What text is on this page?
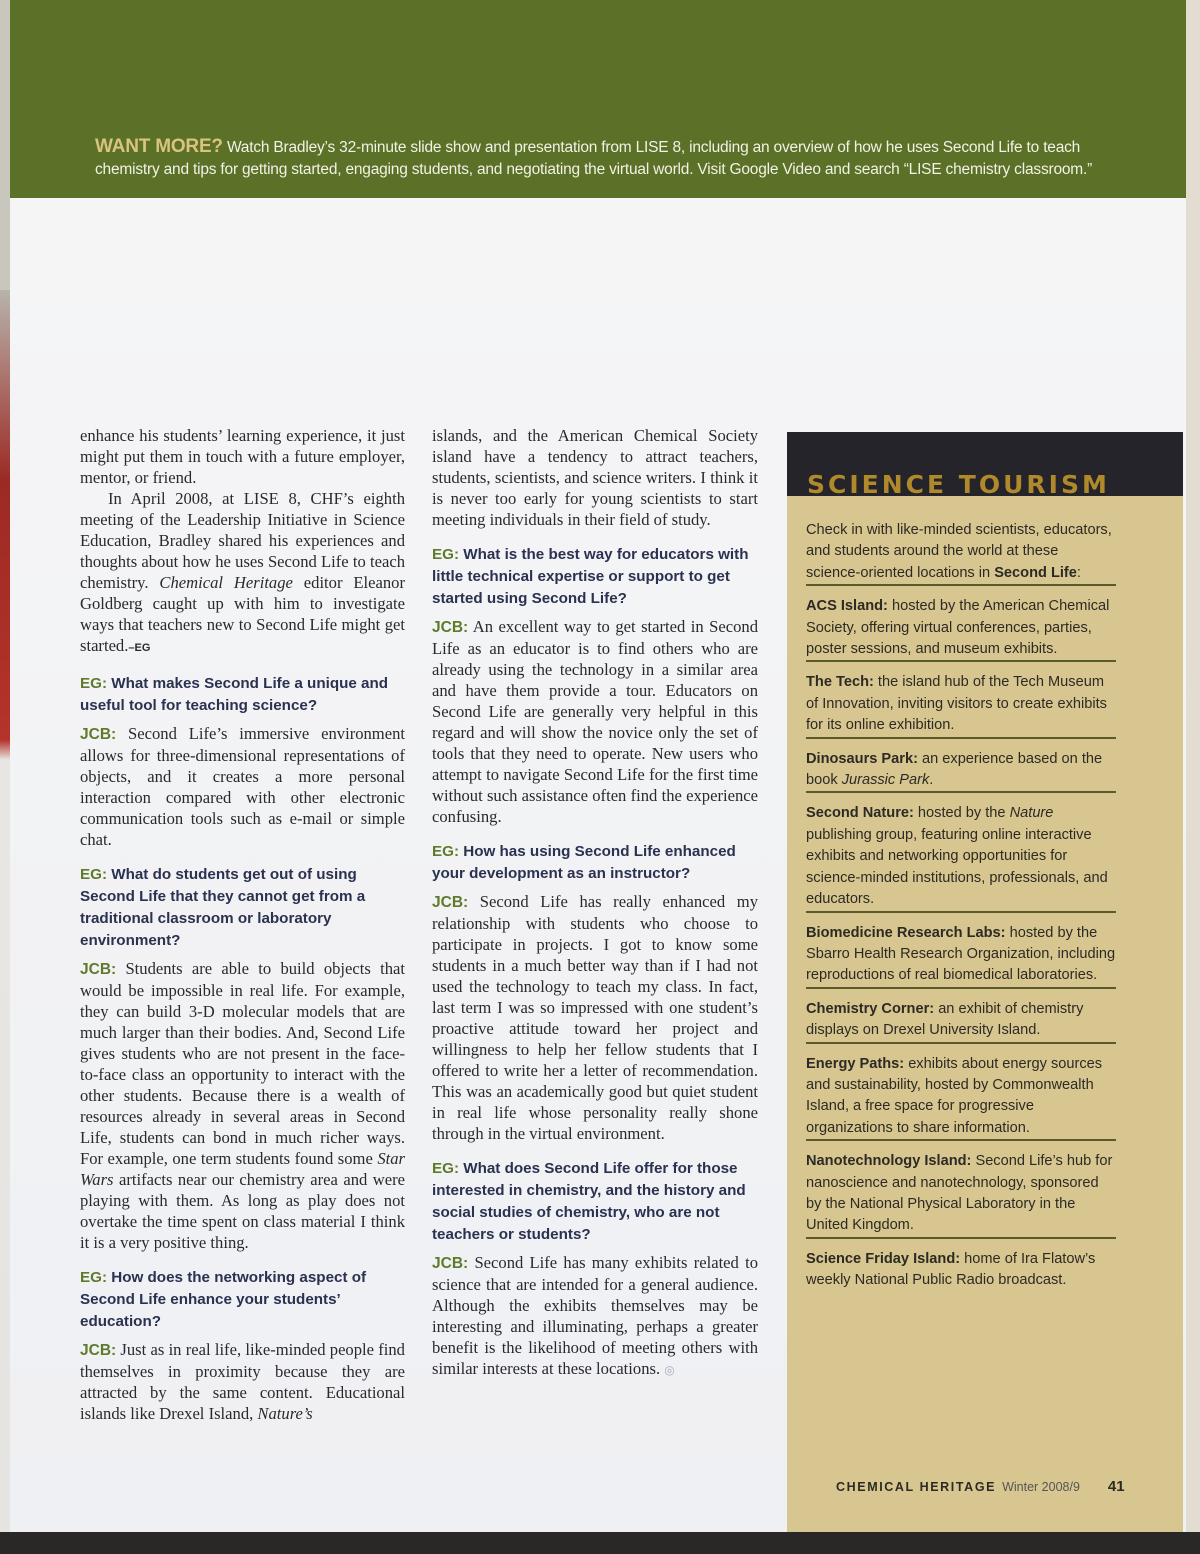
WANT MORE? Watch Bradley’s 32-minute slide show and presentation from LISE 8, including an overview of how he uses Second Life to teach chemistry and tips for getting started, engaging students, and negotiating the virtual world. Visit Google Video and search “LISE chemistry classroom.”

enhance his students’ learning experience, it just might put them in touch with a future employer, mentor, or friend.

In April 2008, at LISE 8, CHF’s eighth meeting of the Leadership Initiative in Science Education, Bradley shared his experiences and thoughts about how he uses Second Life to teach chemistry. Chemical Heritage editor Eleanor Goldberg caught up with him to investigate ways that teachers new to Second Life might get started.–EG

EG: What makes Second Life a unique and useful tool for teaching science?

JCB: Second Life’s immersive environment allows for three-dimensional representations of objects, and it creates a more personal interaction compared with other electronic communication tools such as e-mail or simple chat.

EG: What do students get out of using Second Life that they cannot get from a traditional classroom or laboratory environment?

JCB: Students are able to build objects that would be impossible in real life. For example, they can build 3-D molecular models that are much larger than their bodies. And, Second Life gives students who are not present in the face-to-face class an opportunity to interact with the other students. Because there is a wealth of resources already in several areas in Second Life, students can bond in much richer ways. For example, one term students found some Star Wars artifacts near our chemistry area and were playing with them. As long as play does not overtake the time spent on class material I think it is a very positive thing.

EG: How does the networking aspect of Second Life enhance your students’ education?

JCB: Just as in real life, like-minded people find themselves in proximity because they are attracted by the same content. Educational islands like Drexel Island, Nature’s

islands, and the American Chemical Society island have a tendency to attract teachers, students, scientists, and science writers. I think it is never too early for young scientists to start meeting individuals in their field of study.

EG: What is the best way for educators with little technical expertise or support to get started using Second Life?

JCB: An excellent way to get started in Second Life as an educator is to find others who are already using the technology in a similar area and have them provide a tour. Educators on Second Life are generally very helpful in this regard and will show the novice only the set of tools that they need to operate. New users who attempt to navigate Second Life for the first time without such assistance often find the experience confusing.

EG: How has using Second Life enhanced your development as an instructor?

JCB: Second Life has really enhanced my relationship with students who choose to participate in projects. I got to know some students in a much better way than if I had not used the technology to teach my class. In fact, last term I was so impressed with one student’s proactive attitude toward her project and willingness to help her fellow students that I offered to write her a letter of recommendation. This was an academically good but quiet student in real life whose personality really shone through in the virtual environment.

EG: What does Second Life offer for those interested in chemistry, and the history and social studies of chemistry, who are not teachers or students?

JCB: Second Life has many exhibits related to science that are intended for a general audience. Although the exhibits themselves may be interesting and illuminating, perhaps a greater benefit is the likelihood of meeting others with similar interests at these locations. ◎

SCIENCE TOURISM

Check in with like-minded scientists, educators, and students around the world at these science-oriented locations in Second Life:

ACS Island: hosted by the American Chemical Society, offering virtual conferences, parties, poster sessions, and museum exhibits.

The Tech: the island hub of the Tech Museum of Innovation, inviting visitors to create exhibits for its online exhibition.

Dinosaurs Park: an experience based on the book Jurassic Park.

Second Nature: hosted by the Nature publishing group, featuring online interactive exhibits and networking opportunities for science-minded institutions, professionals, and educators.

Biomedicine Research Labs: hosted by the Sbarro Health Research Organization, including reproductions of real biomedical laboratories.

Chemistry Corner: an exhibit of chemistry displays on Drexel University Island.

Energy Paths: exhibits about energy sources and sustainability, hosted by Commonwealth Island, a free space for progressive organizations to share information.

Nanotechnology Island: Second Life’s hub for nanoscience and nanotechnology, sponsored by the National Physical Laboratory in the United Kingdom.

Science Friday Island: home of Ira Flatow’s weekly National Public Radio broadcast.

CHEMICAL HERITAGE Winter 2008/9 41
